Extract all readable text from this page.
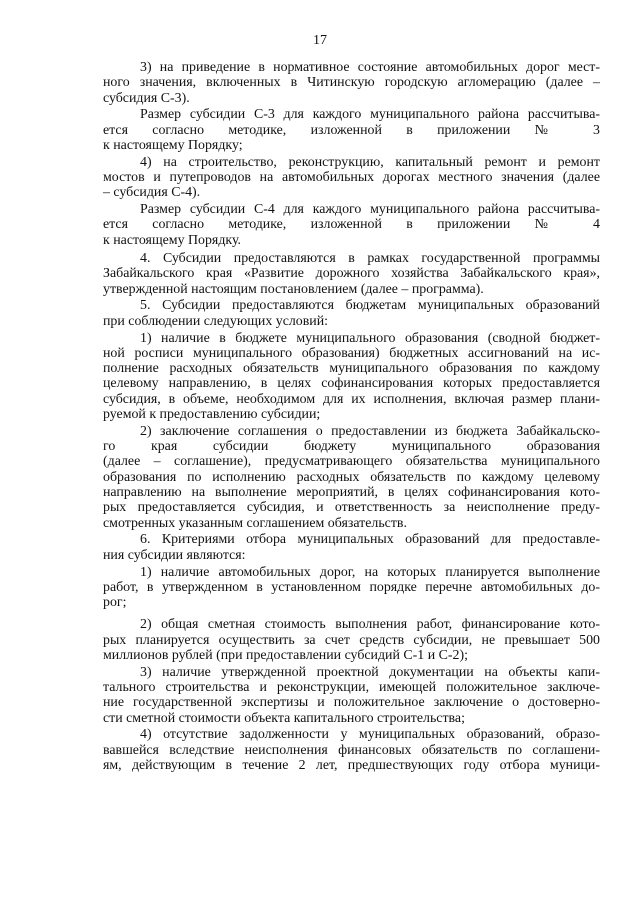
17
3) на приведение в нормативное состояние автомобильных дорог мест-
ного значения, включенных в Читинскую городскую агломерацию (далее –
субсидия С-3).
Размер субсидии С-3 для каждого муниципального района рассчитыва-
ется согласно методике, изложенной в приложении № 3
к настоящему Порядку;
4) на строительство, реконструкцию, капитальный ремонт и ремонт
мостов и путепроводов на автомобильных дорогах местного значения (далее
– субсидия С-4).
Размер субсидии С-4 для каждого муниципального района рассчитыва-
ется согласно методике, изложенной в приложении № 4
к настоящему Порядку.
4. Субсидии предоставляются в рамках государственной программы
Забайкальского края «Развитие дорожного хозяйства Забайкальского края»,
утвержденной настоящим постановлением (далее – программа).
5. Субсидии предоставляются бюджетам муниципальных образований
при соблюдении следующих условий:
1) наличие в бюджете муниципального образования (сводной бюджет-
ной росписи муниципального образования) бюджетных ассигнований на ис-
полнение расходных обязательств муниципального образования по каждому
целевому направлению, в целях софинансирования которых предоставляется
субсидия, в объеме, необходимом для их исполнения, включая размер плани-
руемой к предоставлению субсидии;
2) заключение соглашения о предоставлении из бюджета Забайкальско-
го края субсидии бюджету муниципального образования
(далее – соглашение), предусматривающего обязательства муниципального
образования по исполнению расходных обязательств по каждому целевому
направлению на выполнение мероприятий, в целях софинансирования кото-
рых предоставляется субсидия, и ответственность за неисполнение преду-
смотренных указанным соглашением обязательств.
6. Критериями отбора муниципальных образований для предоставле-
ния субсидии являются:
1) наличие автомобильных дорог, на которых планируется выполнение
работ, в утвержденном в установленном порядке перечне автомобильных до-
рог;
2) общая сметная стоимость выполнения работ, финансирование кото-
рых планируется осуществить за счет средств субсидии, не превышает 500
миллионов рублей (при предоставлении субсидий С-1 и С-2);
3) наличие утвержденной проектной документации на объекты капи-
тального строительства и реконструкции, имеющей положительное заключе-
ние государственной экспертизы и положительное заключение о достоверно-
сти сметной стоимости объекта капитального строительства;
4) отсутствие задолженности у муниципальных образований, образо-
вавшейся вследствие неисполнения финансовых обязательств по соглашени-
ям, действующим в течение 2 лет, предшествующих году отбора муници-
